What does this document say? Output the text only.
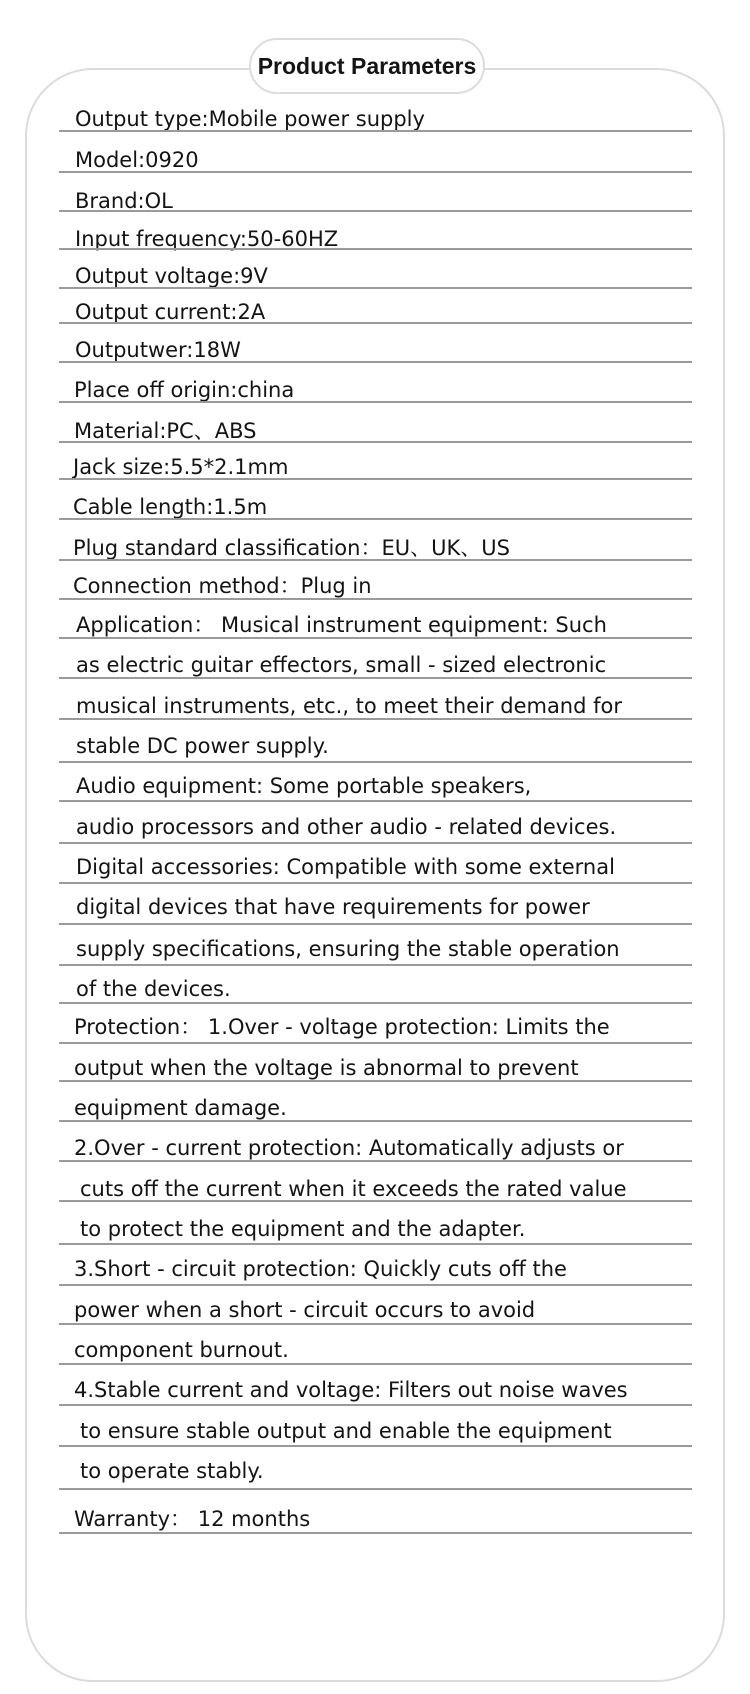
Product Parameters
Output type:Mobile power supply
Model:0920
Brand:OL
Input frequency:50-60HZ
Output voltage:9V
Output current:2A
Outputwer:18W
Place off origin:china
Material:PC、ABS
Jack size:5.5*2.1mm
Cable length:1.5m
Plug standard classification：EU、UK、US
Connection method：Plug in
Application： Musical instrument equipment: Such
as electric guitar effectors, small - sized electronic
musical instruments, etc., to meet their demand for
stable DC power supply.
Audio equipment: Some portable speakers,
audio processors and other audio - related devices.
Digital accessories: Compatible with some external
digital devices that have requirements for power
supply specifications, ensuring the stable operation
of the devices.
Protection： 1.Over - voltage protection: Limits the
output when the voltage is abnormal to prevent
equipment damage.
2.Over - current protection: Automatically adjusts or
cuts off the current when it exceeds the rated value
to protect the equipment and the adapter.
3.Short - circuit protection: Quickly cuts off the
power when a short - circuit occurs to avoid
component burnout.
4.Stable current and voltage: Filters out noise waves
to ensure stable output and enable the equipment
to operate stably.
Warranty： 12 months
